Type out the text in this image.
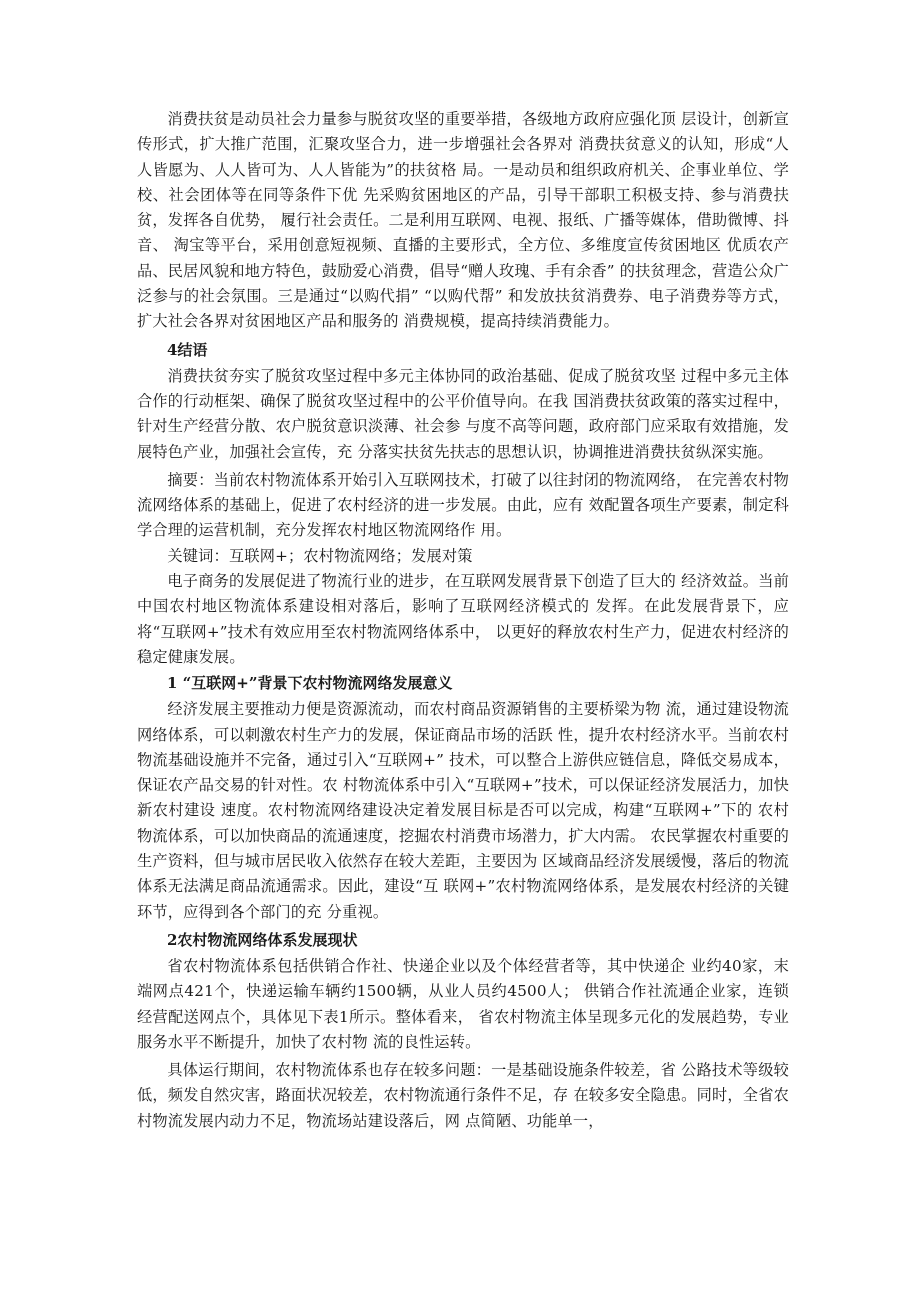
消费扶贫是动员社会力量参与脱贫攻坚的重要举措，各级地方政府应强化顶 层设计，创新宣传形式，扩大推广范围，汇聚攻坚合力，进一步增强社会各界对 消费扶贫意义的认知，形成“人人皆愿为、人人皆可为、人人皆能为”的扶贫格 局。一是动员和组织政府机关、企事业单位、学校、社会团体等在同等条件下优 先采购贫困地区的产品，引导干部职工积极支持、参与消费扶贫，发挥各自优势， 履行社会责任。二是利用互联网、电视、报纸、广播等媒体，借助微博、抖音、 淘宝等平台，采用创意短视频、直播的主要形式，全方位、多维度宣传贫困地区 优质农产品、民居风貌和地方特色，鼓励爱心消费，倡导“赠人玫瑰、手有余香” 的扶贫理念，营造公众广泛参与的社会氛围。三是通过“以购代捐” “以购代帮” 和发放扶贫消费券、电子消费券等方式，扩大社会各界对贫困地区产品和服务的 消费规模，提高持续消费能力。

4结语

消费扶贫夯实了脱贫攻坚过程中多元主体协同的政治基础、促成了脱贫攻坚 过程中多元主体合作的行动框架、确保了脱贫攻坚过程中的公平价值导向。在我 国消费扶贫政策的落实过程中，针对生产经营分散、农户脱贫意识淡薄、社会参 与度不高等问题，政府部门应采取有效措施，发展特色产业，加强社会宣传，充 分落实扶贫先扶志的思想认识，协调推进消费扶贫纵深实施。

摘要：当前农村物流体系开始引入互联网技术，打破了以往封闭的物流网络， 在完善农村物流网络体系的基础上，促进了农村经济的进一步发展。由此，应有 效配置各项生产要素，制定科学合理的运营机制，充分发挥农村地区物流网络作 用。

关键词：互联网+；农村物流网络；发展对策

电子商务的发展促进了物流行业的进步，在互联网发展背景下创造了巨大的 经济效益。当前中国农村地区物流体系建设相对落后，影响了互联网经济模式的 发挥。在此发展背景下，应将“互联网+”技术有效应用至农村物流网络体系中， 以更好的释放农村生产力，促进农村经济的稳定健康发展。

1 “互联网+”背景下农村物流网络发展意义

经济发展主要推动力便是资源流动，而农村商品资源销售的主要桥梁为物 流，通过建设物流网络体系，可以刺激农村生产力的发展，保证商品市场的活跃 性，提升农村经济水平。当前农村物流基础设施并不完备，通过引入“互联网+” 技术，可以整合上游供应链信息，降低交易成本，保证农产品交易的针对性。农 村物流体系中引入“互联网+”技术，可以保证经济发展活力，加快新农村建设 速度。农村物流网络建设决定着发展目标是否可以完成，构建“互联网+”下的 农村物流体系，可以加快商品的流通速度，挖掘农村消费市场潜力，扩大内需。 农民掌握农村重要的生产资料，但与城市居民收入依然存在较大差距，主要因为 区域商品经济发展缓慢，落后的物流体系无法满足商品流通需求。因此，建设“互 联网+”农村物流网络体系，是发展农村经济的关键环节，应得到各个部门的充 分重视。

2农村物流网络体系发展现状

省农村物流体系包括供销合作社、快递企业以及个体经营者等，其中快递企 业约40家，末端网点421个，快递运输车辆约1500辆，从业人员约4500人； 供销合作社流通企业家，连锁经营配送网点个，具体见下表1所示。整体看来， 省农村物流主体呈现多元化的发展趋势，专业服务水平不断提升，加快了农村物 流的良性运转。

具体运行期间，农村物流体系也存在较多问题：一是基础设施条件较差，省 公路技术等级较低，频发自然灾害，路面状况较差，农村物流通行条件不足，存 在较多安全隐患。同时，全省农村物流发展内动力不足，物流场站建设落后，网 点简陋、功能单一，
